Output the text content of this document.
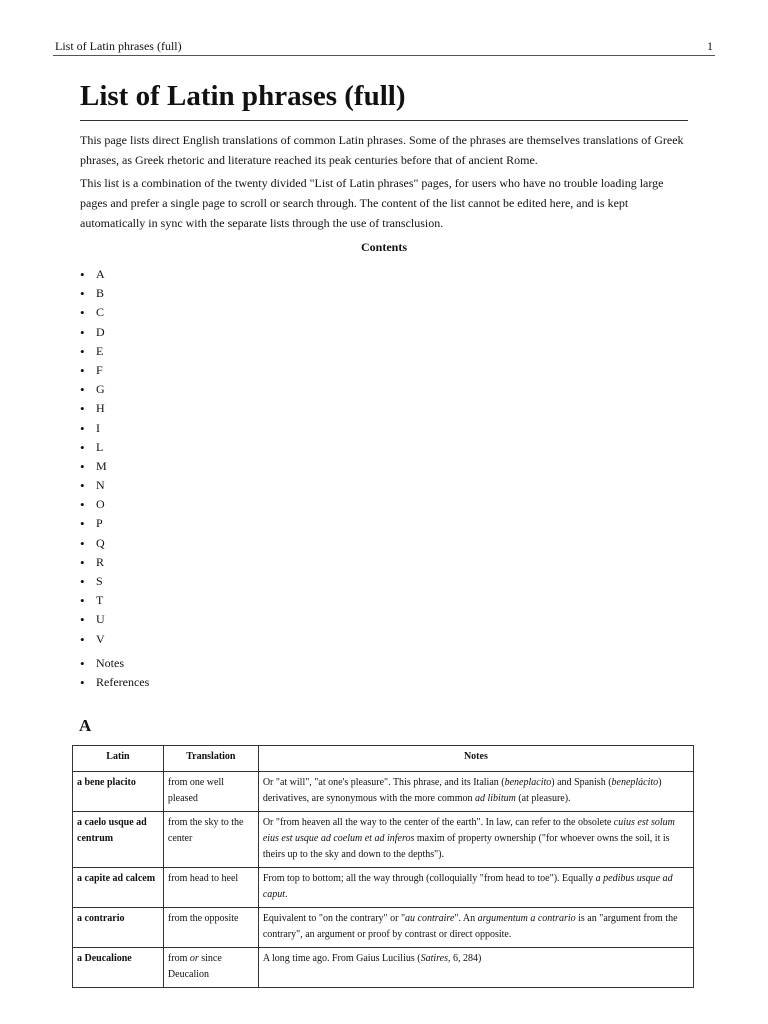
List of Latin phrases (full)	1
List of Latin phrases (full)

This page lists direct English translations of common Latin phrases. Some of the phrases are themselves translations of Greek phrases, as Greek rhetoric and literature reached its peak centuries before that of ancient Rome.

This list is a combination of the twenty divided "List of Latin phrases" pages, for users who have no trouble loading large pages and prefer a single page to scroll or search through. The content of the list cannot be edited here, and is kept automatically in sync with the separate lists through the use of transclusion.

Contents
• A
• B
• C
• D
• E
• F
• G
• H
• I
• L
• M
• N
• O
• P
• Q
• R
• S
• T
• U
• V
• Notes
• References
A
Latin	Translation	Notes
a bene placito	from one well pleased	Or "at will", "at one's pleasure". This phrase, and its Italian (beneplacito) and Spanish (beneplácito) derivatives, are synonymous with the more common ad libitum (at pleasure).
a caelo usque ad centrum	from the sky to the center	Or "from heaven all the way to the center of the earth". In law, can refer to the obsolete cuius est solum eius est usque ad coelum et ad inferos maxim of property ownership ("for whoever owns the soil, it is theirs up to the sky and down to the depths").
a capite ad calcem	from head to heel	From top to bottom; all the way through (colloquially "from head to toe"). Equally a pedibus usque ad caput.
a contrario	from the opposite	Equivalent to "on the contrary" or "au contraire". An argumentum a contrario is an "argument from the contrary", an argument or proof by contrast or direct opposite.
a Deucalione	from or since Deucalion	A long time ago. From Gaius Lucilius (Satires, 6, 284)
